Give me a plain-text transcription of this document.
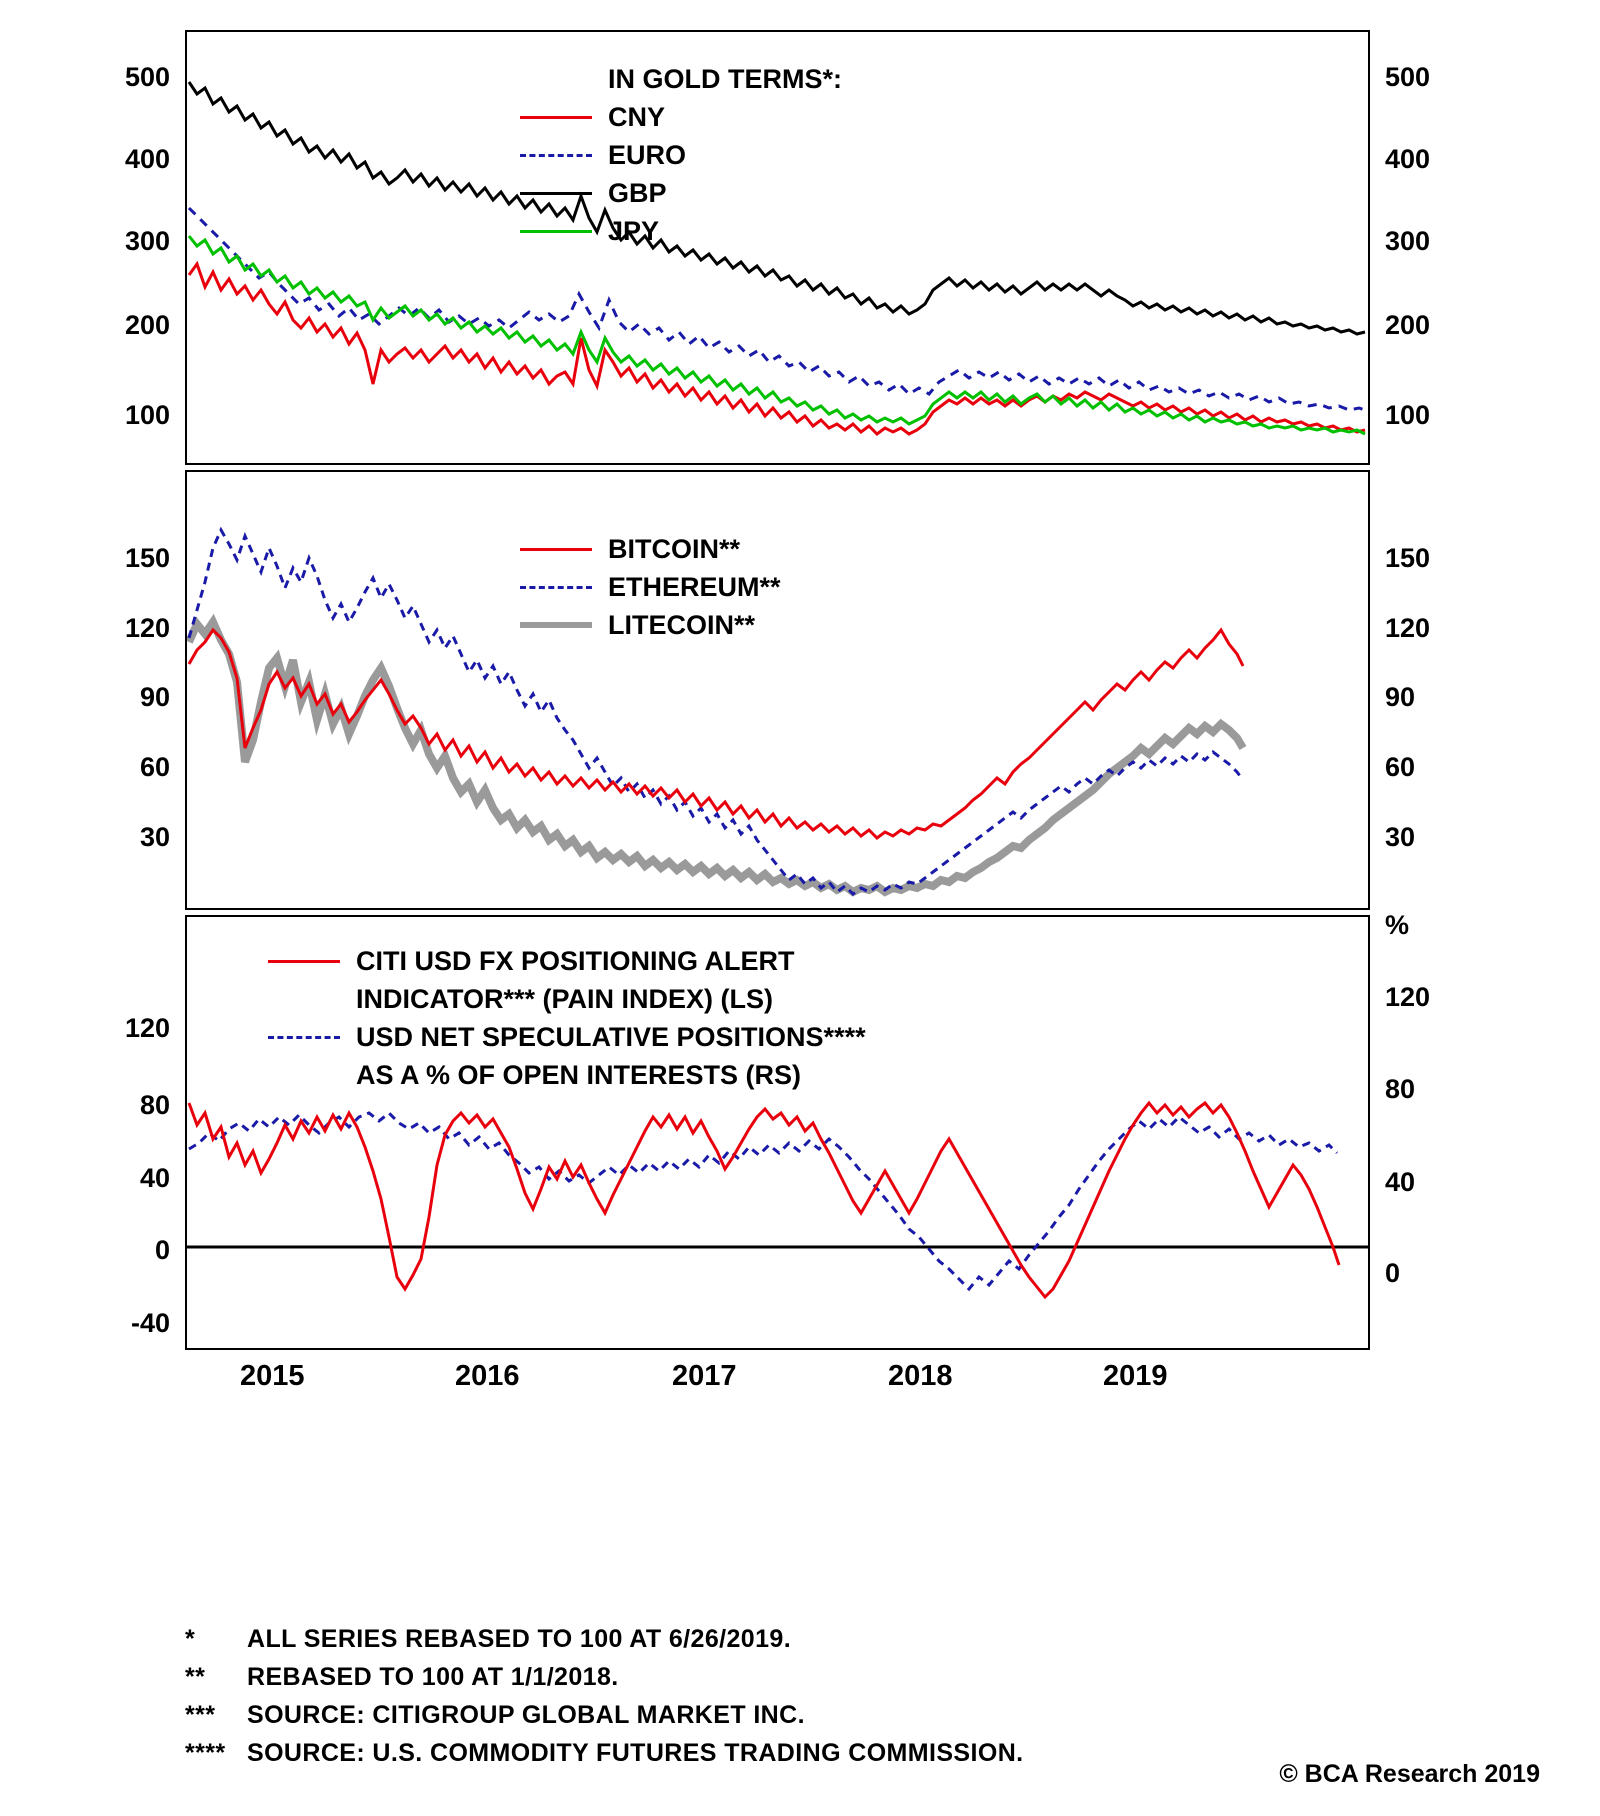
500
400
300
200
100
500
400
300
200
100
IN GOLD TERMS*:
CNY
EURO
GBP
JPY
150
120
90
60
30
150
120
90
60
30
BITCOIN**
ETHEREUM**
LITECOIN**
120
80
40
0
-40
%
120
80
40
0
CITI USD FX POSITIONING ALERT
INDICATOR*** (PAIN INDEX) (LS)
USD NET SPECULATIVE POSITIONS****
AS A % OF OPEN INTERESTS (RS)
2015	2016	2017	2018	2019
*	ALL SERIES REBASED TO 100 AT 6/26/2019.
**	REBASED TO 100 AT 1/1/2018.
***	SOURCE: CITIGROUP GLOBAL MARKET INC.
**** SOURCE: U.S. COMMODITY FUTURES TRADING COMMISSION.
© BCA Research 2019
